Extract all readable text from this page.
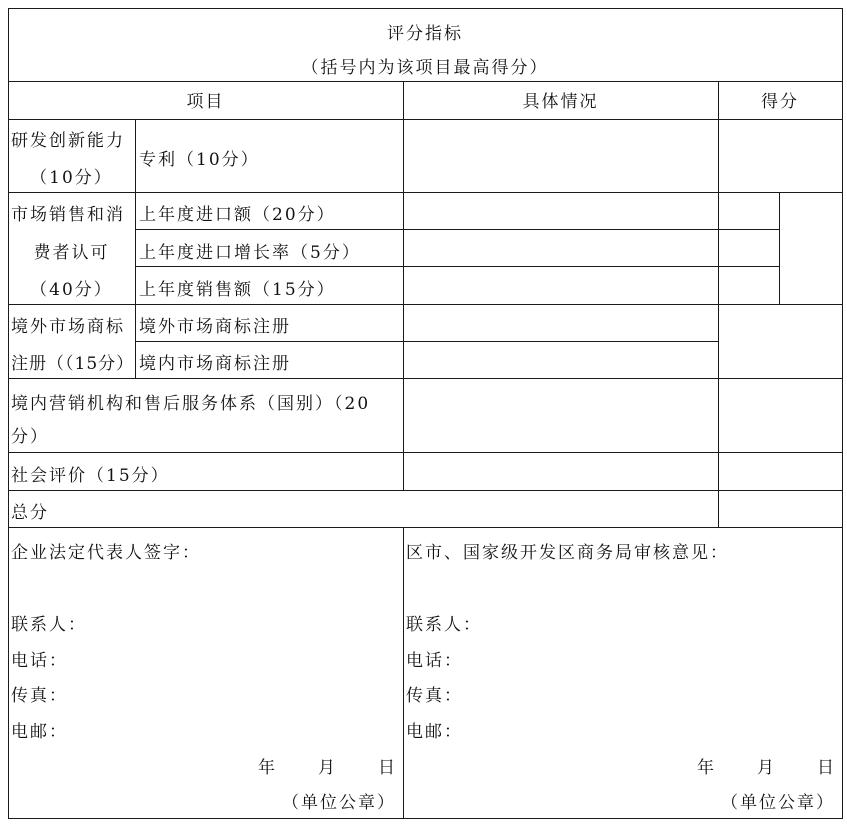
评分指标
（括号内为该项目最高得分）
项目	具体情况	得分
研发创新能力
（10分）
专利（10分）
市场销售和消
费者认可
（40分）
上年度进口额（20分）
上年度进口增长率（5分）
上年度销售额（15分）
境外市场商标
注册（（15分）
境外市场商标注册
境内市场商标注册
境内营销机构和售后服务体系（国别）（20
分）
社会评价（15分）
总分
企业法定代表人签字：
联系人：
电话：
传真：
电邮：
年　　月　　日
（单位公章）
区市、国家级开发区商务局审核意见：
联系人：
电话：
传真：
电邮：
年　　月　　日
（单位公章）
